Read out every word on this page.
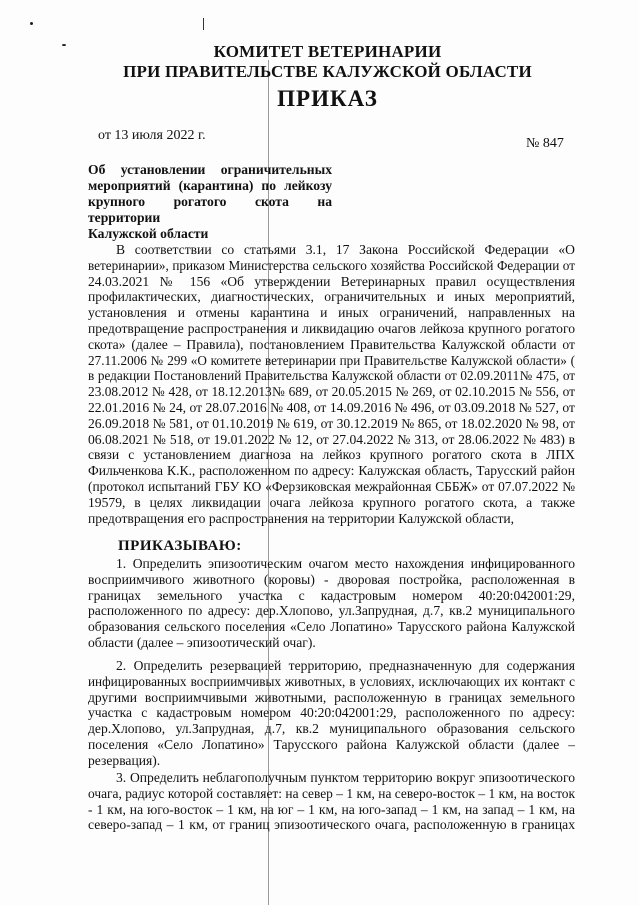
КОМИТЕТ ВЕТЕРИНАРИИ
ПРИ ПРАВИТЕЛЬСТВЕ КАЛУЖСКОЙ ОБЛАСТИ
ПРИКАЗ
от 13 июля 2022 г.
№ 847
Об установлении ограничительных
мероприятий (карантина) по лейкозу
крупного рогатого скота на территории
Калужской области
В соответствии со статьями 3.1, 17 Закона Российской Федерации «О
ветеринарии», приказом Министерства сельского хозяйства Российской Федерации от
24.03.2021 № 156 «Об утверждении Ветеринарных правил осуществления
профилактических, диагностических, ограничительных и иных мероприятий,
установления и отмены карантина и иных ограничений, направленных на
предотвращение распространения и ликвидацию очагов лейкоза крупного рогатого
скота» (далее – Правила), постановлением Правительства Калужской области от
27.11.2006 № 299 «О комитете ветеринарии при Правительстве Калужской области» (
в редакции Постановлений Правительства Калужской области от 02.09.2011№ 475, от
23.08.2012 № 428, от 18.12.2013№ 689, от 20.05.2015 № 269, от 02.10.2015 № 556, от
22.01.2016 № 24, от 28.07.2016 № 408, от 14.09.2016 № 496, от 03.09.2018 № 527, от
26.09.2018 № 581, от 01.10.2019 № 619, от 30.12.2019 № 865, от 18.02.2020 № 98, от
06.08.2021 № 518, от 19.01.2022 № 12, от 27.04.2022 № 313, от 28.06.2022 № 483) в
связи с установлением диагноза на лейкоз крупного рогатого скота в ЛПХ
Фильченкова К.К., расположенном по адресу: Калужская область, Тарусский район
(протокол испытаний ГБУ КО «Ферзиковская межрайонная СББЖ» от 07.07.2022 №
19579, в целях ликвидации очага лейкоза крупного рогатого скота, а также
предотвращения его распространения на территории Калужской области,
ПРИКАЗЫВАЮ:
1. Определить эпизоотическим очагом место нахождения инфицированного
восприимчивого животного (коровы) - дворовая постройка, расположенная в
границах земельного участка с кадастровым номером 40:20:042001:29,
расположенного по адресу: дер.Хлопово, ул.Запрудная, д.7, кв.2 муниципального
образования сельского поселения «Село Лопатино» Тарусского района Калужской
области (далее – эпизоотический очаг).
2. Определить резервацией территорию, предназначенную для содержания
инфицированных восприимчивых животных, в условиях, исключающих их контакт с
другими восприимчивыми животными, расположенную в границах земельного
участка с кадастровым номером 40:20:042001:29, расположенного по адресу:
дер.Хлопово, ул.Запрудная, д.7, кв.2 муниципального образования сельского
поселения «Село Лопатино» Тарусского района Калужской области (далее –
резервация).
3. Определить неблагополучным пунктом территорию вокруг эпизоотического
очага, радиус которой составляет: на север – 1 км, на северо-восток – 1 км, на восток
- 1 км, на юго-восток – 1 км, на юг – 1 км, на юго-запад – 1 км, на запад – 1 км, на
северо-запад – 1 км, от границ эпизоотического очага, расположенную в границах
